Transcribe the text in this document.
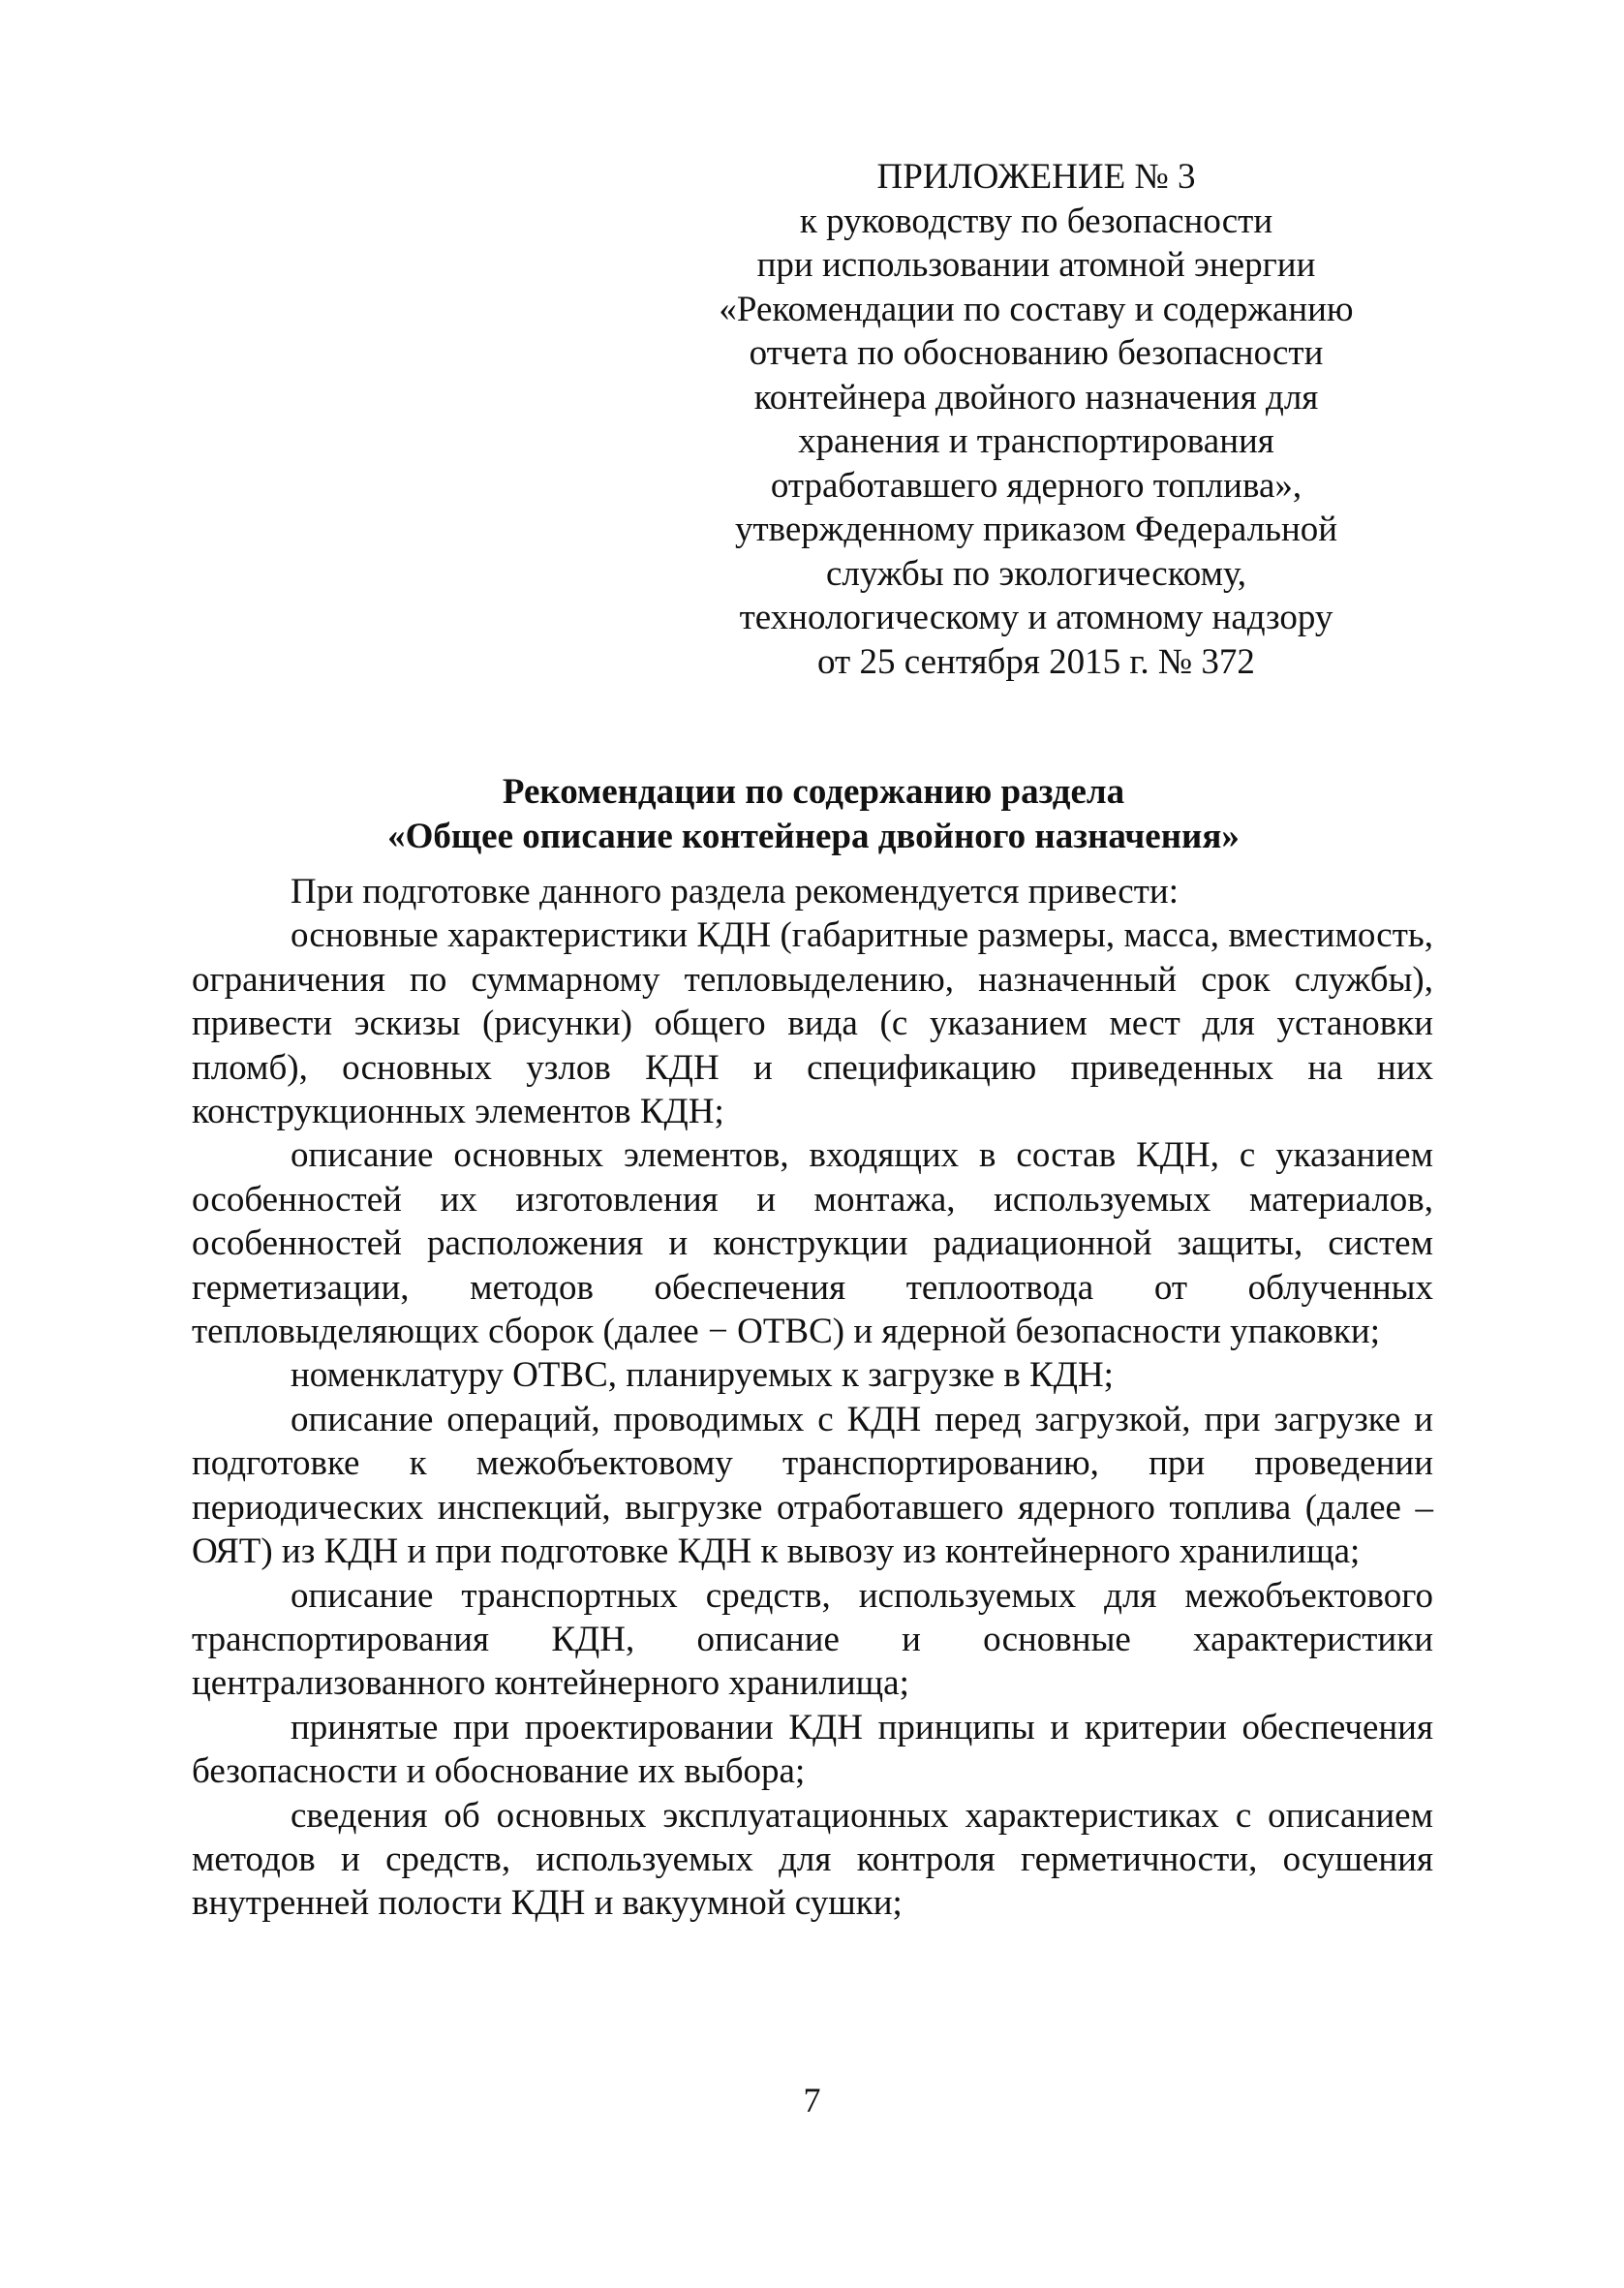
ПРИЛОЖЕНИЕ № 3
к руководству по безопасности
при использовании атомной энергии
«Рекомендации по составу и содержанию
отчета по обоснованию безопасности
контейнера двойного назначения для
хранения и транспортирования
отработавшего ядерного топлива»,
утвержденному приказом Федеральной
службы по экологическому,
технологическому и атомному надзору
от 25 сентября 2015 г. № 372
Рекомендации по содержанию раздела
«Общее описание контейнера двойного назначения»

При подготовке данного раздела рекомендуется привести:

основные характеристики КДН (габаритные размеры, масса, вместимость, ограничения по суммарному тепловыделению, назначенный срок службы), привести эскизы (рисунки) общего вида (с указанием мест для установки пломб), основных узлов КДН и спецификацию приведенных на них конструкционных элементов КДН;

описание основных элементов, входящих в состав КДН, с указанием особенностей их изготовления и монтажа, используемых материалов, особенностей расположения и конструкции радиационной защиты, систем герметизации, методов обеспечения теплоотвода от облученных тепловыделяющих сборок (далее − ОТВС) и ядерной безопасности упаковки;

номенклатуру ОТВС, планируемых к загрузке в КДН;

описание операций, проводимых с КДН перед загрузкой, при загрузке и подготовке к межобъектовому транспортированию, при проведении периодических инспекций, выгрузке отработавшего ядерного топлива (далее – ОЯТ) из КДН и при подготовке КДН к вывозу из контейнерного хранилища;

описание транспортных средств, используемых для межобъектового транспортирования КДН, описание и основные характеристики централизованного контейнерного хранилища;

принятые при проектировании КДН принципы и критерии обеспечения безопасности и обоснование их выбора;

сведения об основных эксплуатационных характеристиках с описанием методов и средств, используемых для контроля герметичности, осушения внутренней полости КДН и вакуумной сушки;

7
